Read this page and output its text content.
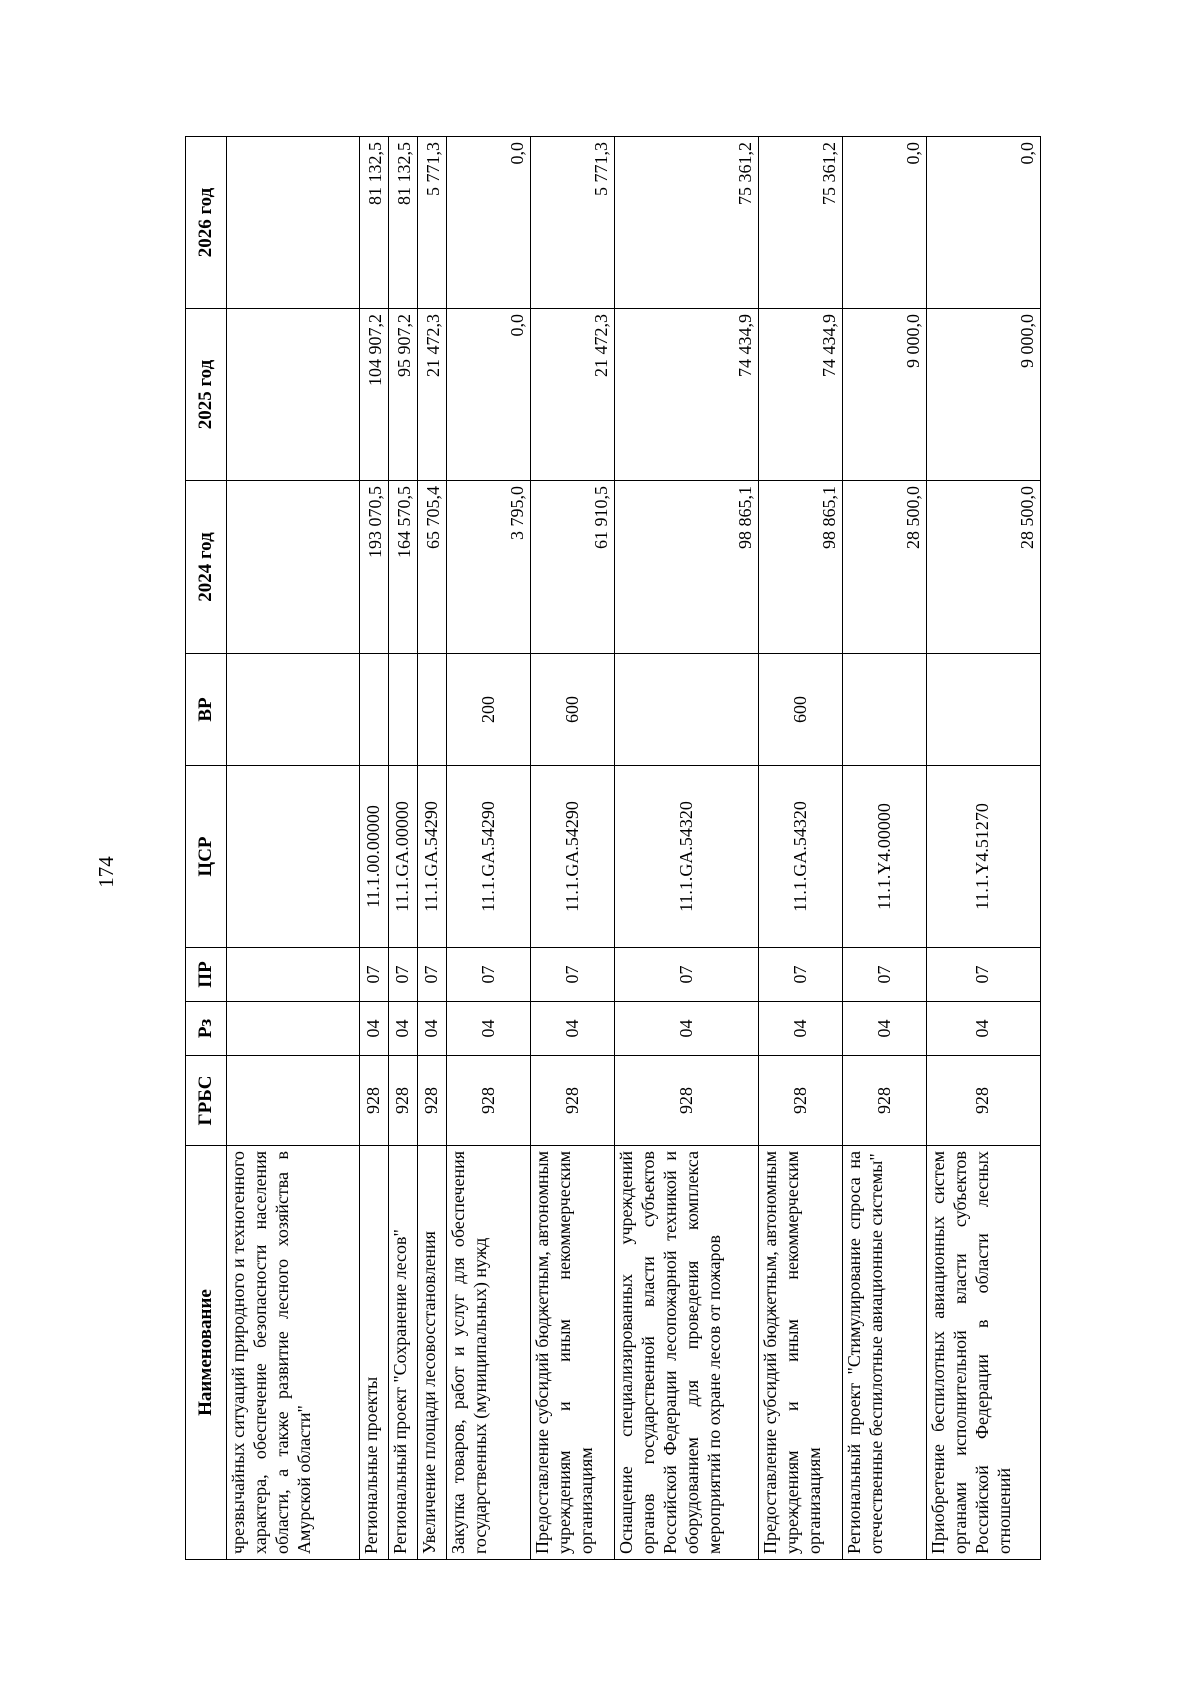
174
Наименование	ГРБС	Рз	ПР	ЦСР	ВР	2024 год	2025 год	2026 год
чрезвычайных ситуаций природного и техногенного характера, обеспечение безопасности населения области, а также развитие лесного хозяйства в Амурской области"								
Региональные проекты	928	04	07	11.1.00.00000		193 070,5	104 907,2	81 132,5
Региональный проект "Сохранение лесов"	928	04	07	11.1.GA.00000		164 570,5	95 907,2	81 132,5
Увеличение площади лесовосстановления	928	04	07	11.1.GA.54290		65 705,4	21 472,3	5 771,3
Закупка товаров, работ и услуг для обеспечения государственных (муниципальных) нужд	928	04	07	11.1.GA.54290	200	3 795,0	0,0	0,0
Предоставление субсидий бюджетным, автономным учреждениям и иным некоммерческим организациям	928	04	07	11.1.GA.54290	600	61 910,5	21 472,3	5 771,3
Оснащение специализированных учреждений органов государственной власти субъектов Российской Федерации лесопожарной техникой и оборудованием для проведения комплекса мероприятий по охране лесов от пожаров	928	04	07	11.1.GA.54320		98 865,1	74 434,9	75 361,2
Предоставление субсидий бюджетным, автономным учреждениям и иным некоммерческим организациям	928	04	07	11.1.GA.54320	600	98 865,1	74 434,9	75 361,2
Региональный проект "Стимулирование спроса на отечественные беспилотные авиационные системы"	928	04	07	11.1.Y4.00000		28 500,0	9 000,0	0,0
Приобретение беспилотных авиационных систем органами исполнительной власти субъектов Российской Федерации в области лесных отношений	928	04	07	11.1.Y4.51270		28 500,0	9 000,0	0,0
